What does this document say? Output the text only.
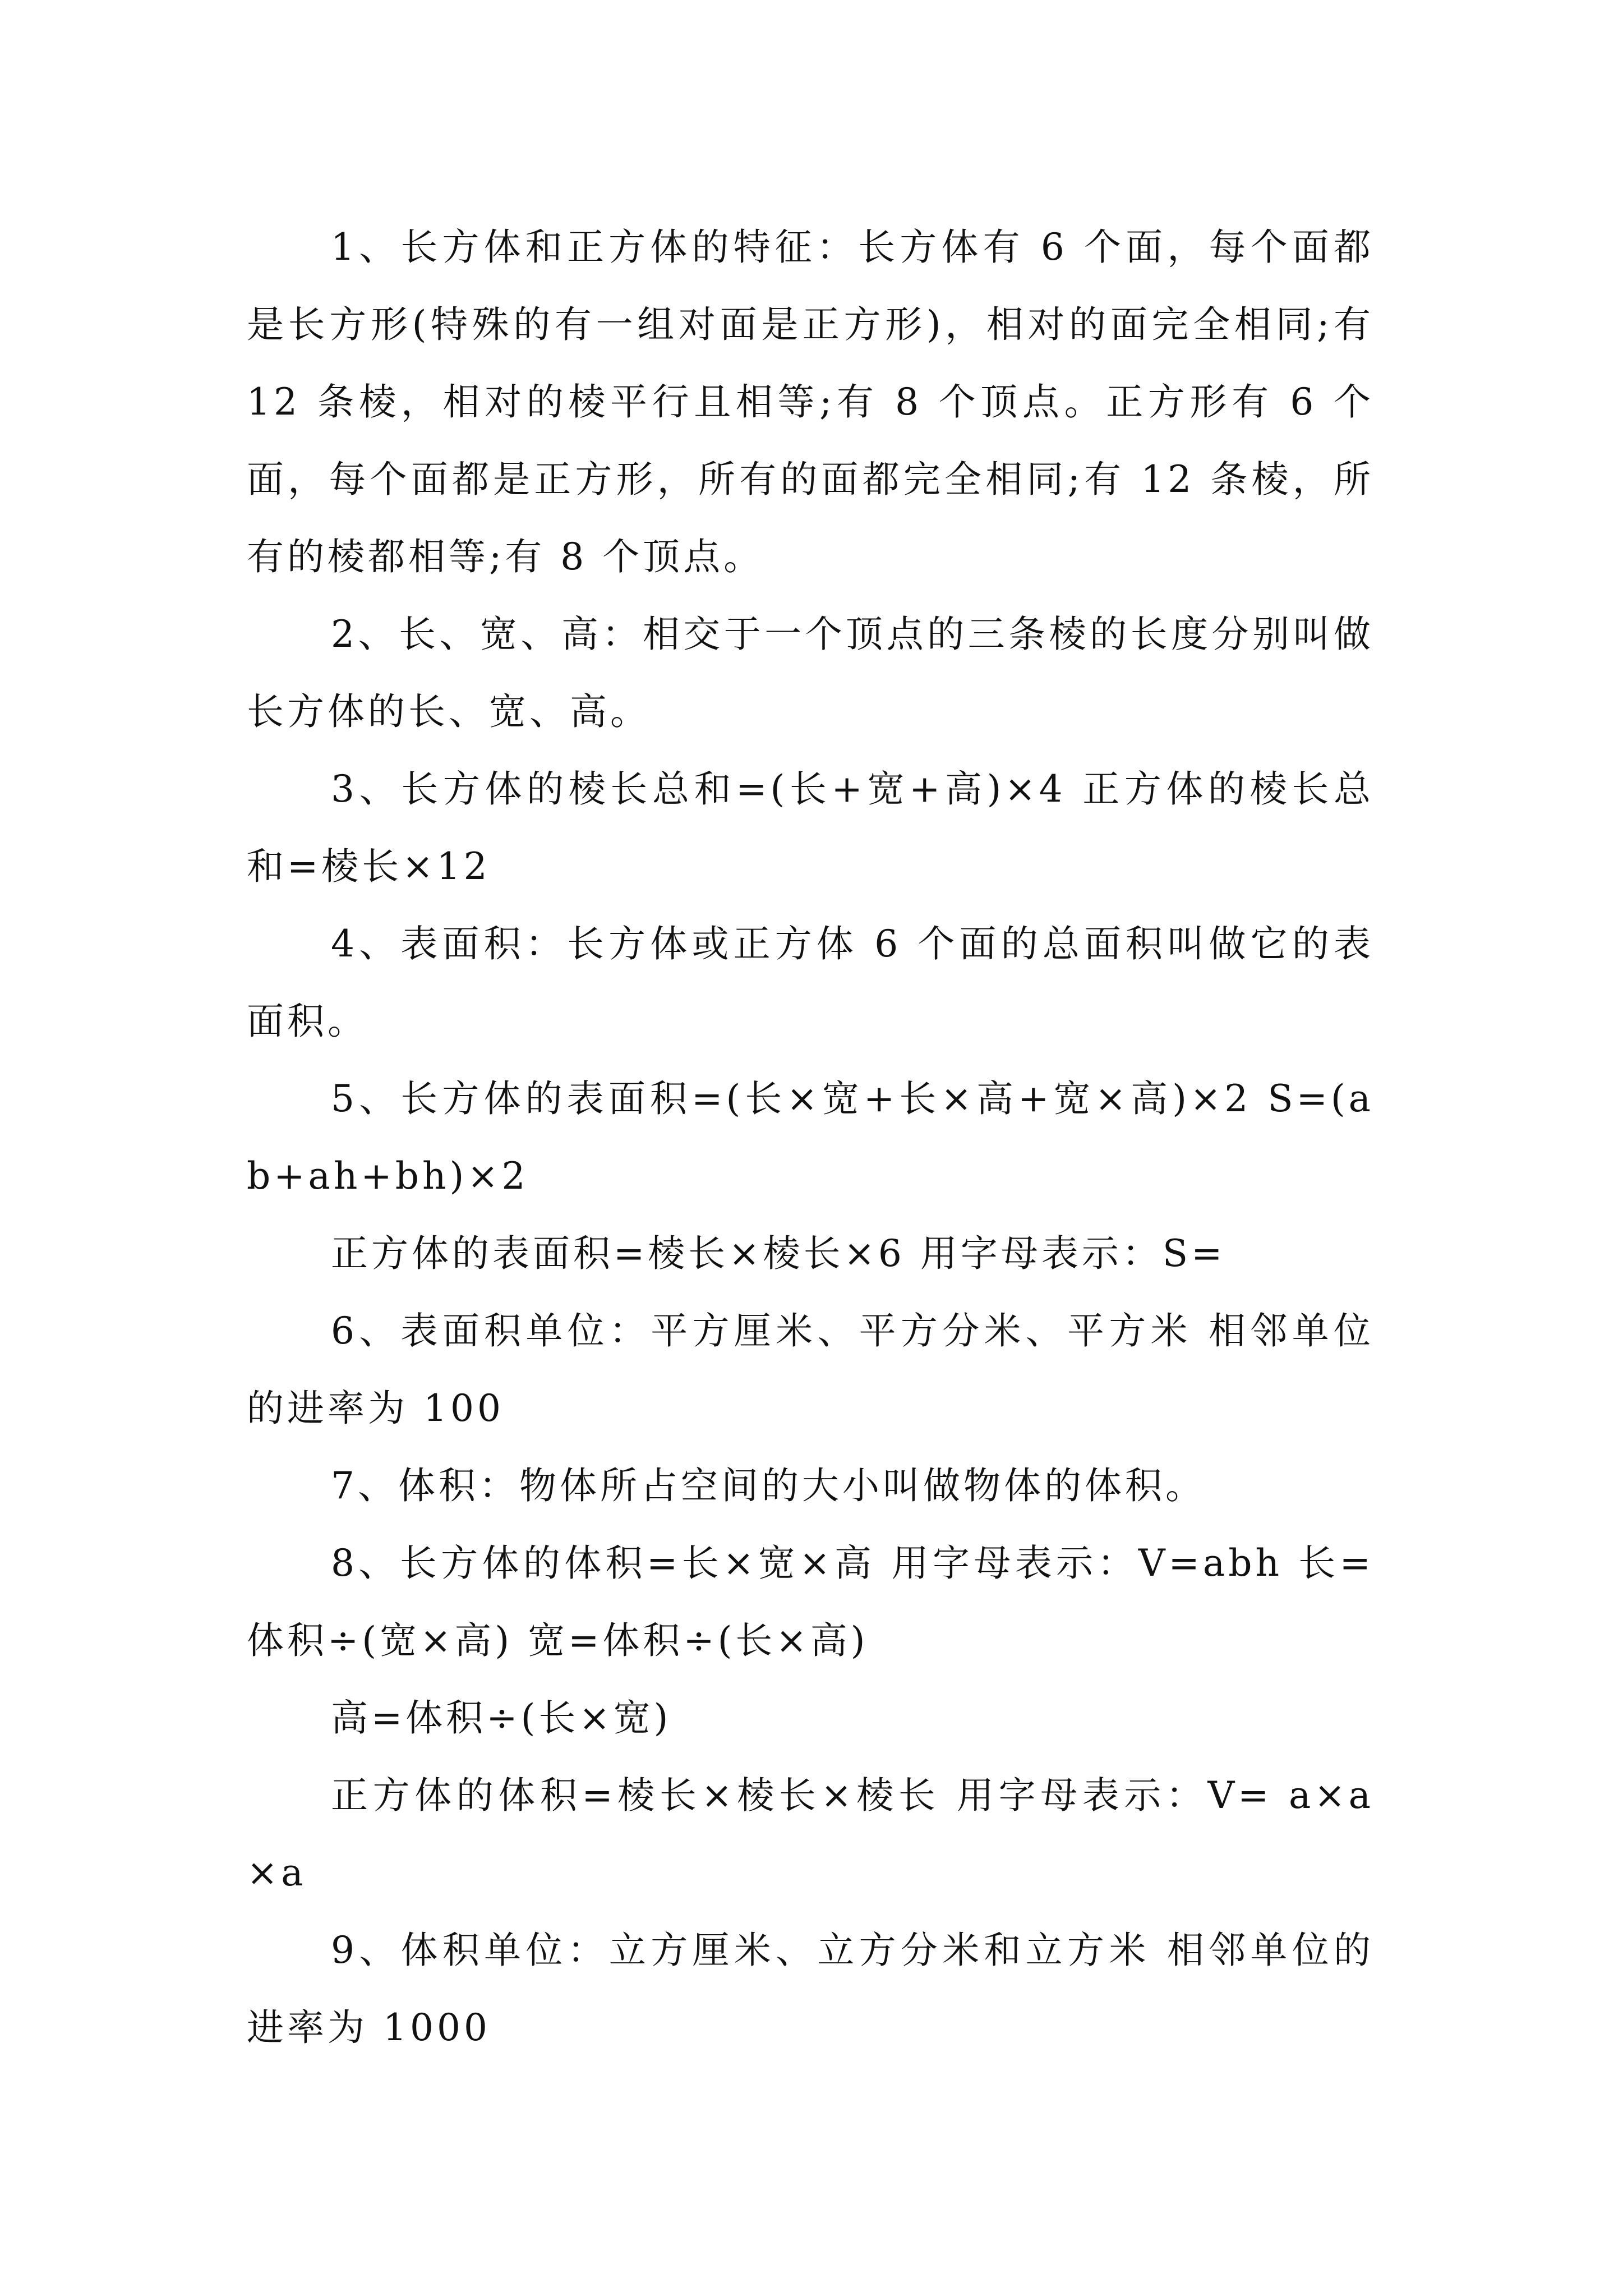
1、长方体和正方体的特征：长方体有 6 个面，每个面都是长方形(特殊的有一组对面是正方形)，相对的面完全相同;有 12 条棱，相对的棱平行且相等;有 8 个顶点。正方形有 6 个面，每个面都是正方形，所有的面都完全相同;有 12 条棱，所有的棱都相等;有 8 个顶点。

2、长、宽、高：相交于一个顶点的三条棱的长度分别叫做长方体的长、宽、高。

3、长方体的棱长总和=(长+宽+高)×4 正方体的棱长总和=棱长×12

4、表面积：长方体或正方体 6 个面的总面积叫做它的表面积。

5、长方体的表面积=(长×宽+长×高+宽×高)×2 S=(ab+ah+bh)×2

正方体的表面积=棱长×棱长×6 用字母表示：S=

6、表面积单位：平方厘米、平方分米、平方米 相邻单位的进率为 100

7、体积：物体所占空间的大小叫做物体的体积。

8、长方体的体积=长×宽×高 用字母表示：V=abh 长=体积÷(宽×高) 宽=体积÷(长×高)

高=体积÷(长×宽)

正方体的体积=棱长×棱长×棱长 用字母表示：V= a×a×a

9、体积单位：立方厘米、立方分米和立方米 相邻单位的进率为 1000
